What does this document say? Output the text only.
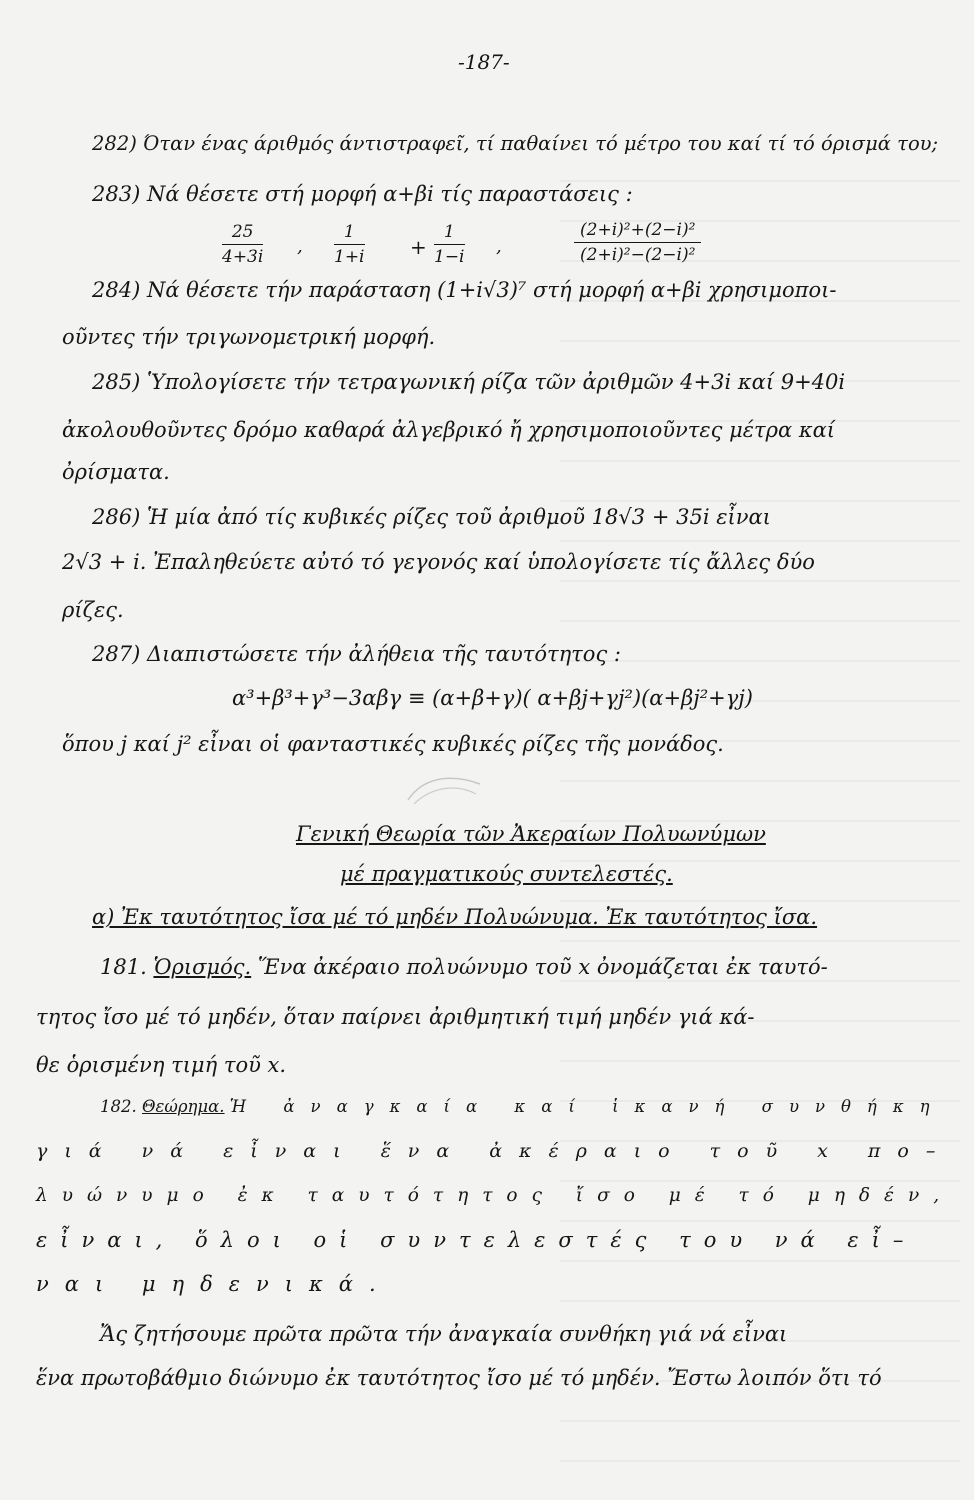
-187-
282) Όταν ένας άριθμός άντιστραφεῖ, τί παθαίνει τό μέτρο του καί τί τό όρισμά του;
283) Νά θέσετε στή μορφή α+βi τίς παραστάσεις :
$\frac{25}{4+3i}$ , $\frac{1}{1+i} + \frac{1}{1-i}$ ,	$\frac{\text{(2+i)²+(2−i)²}}{\text{(2+i)²−(2−i)²}}$
284) Νά θέσετε τήν παράσταση (1+i√3)⁷ στή μορφή α+βi χρησιμοποι-
οῦντες τήν τριγωνομετρική μορφή.
285) Ὑπολογίσετε τήν τετραγωνική ρίζα τῶν ἀριθμῶν 4+3i καί 9+40i
ἀκολουθοῦντες δρόμο καθαρά ἀλγεβρικό ἤ χρησιμοποιοῦντες μέτρα καί
ὀρίσματα.
286) Ἡ μία ἀπό τίς κυβικές ρίζες τοῦ ἀριθμοῦ 18√3 + 35i εἶναι
2√3 + i. Ἐπαληθεύετε αὐτό τό γεγονός καί ὑπολογίσετε τίς ἄλλες δύο
ρίζες.
287) Διαπιστώσετε τήν ἀλήθεια τῆς ταυτότητος :
α³+β³+γ³−3αβγ ≡ (α+β+γ)( α+βj+γj²)(α+βj²+γj)
ὅπου j καί j² εἶναι οἱ φανταστικές κυβικές ρίζες τῆς μονάδος.
Γενική Θεωρία τῶν Ἀκεραίων Πολυωνύμων
μέ πραγματικούς συντελεστές.
α) Ἐκ ταυτότητος ἴσα μέ τό μηδέν Πολυώνυμα. Ἐκ ταυτότητος ἴσα.
181. Ὁρισμός. Ἕνα ἀκέραιο πολυώνυμο τοῦ x ὀνομάζεται ἐκ ταυτό-
τητος ἴσο μέ τό μηδέν, ὅταν παίρνει ἀριθμητική τιμή μηδέν γιά κά-
θε ὁρισμένη τιμή τοῦ x.
182. Θεώρημα. Ἡ ἀναγκαία καί ἱκανή συνθήκη
γιά νά εἶναι ἕνα ἀκέραιο τοῦ x πο–
λυώνυμο ἐκ ταυτότητος ἴσο μέ τό μηδέν,
εἶναι, ὅλοι οἱ συντελεστές του νά εἶ–
ναι μηδενικά.
Ἄς ζητήσουμε πρῶτα πρῶτα τήν ἀναγκαία συνθήκη γιά νά εἶναι
ἕνα πρωτοβάθμιο διώνυμο ἐκ ταυτότητος ἴσο μέ τό μηδέν. Ἔστω λοιπόν ὅτι τό
